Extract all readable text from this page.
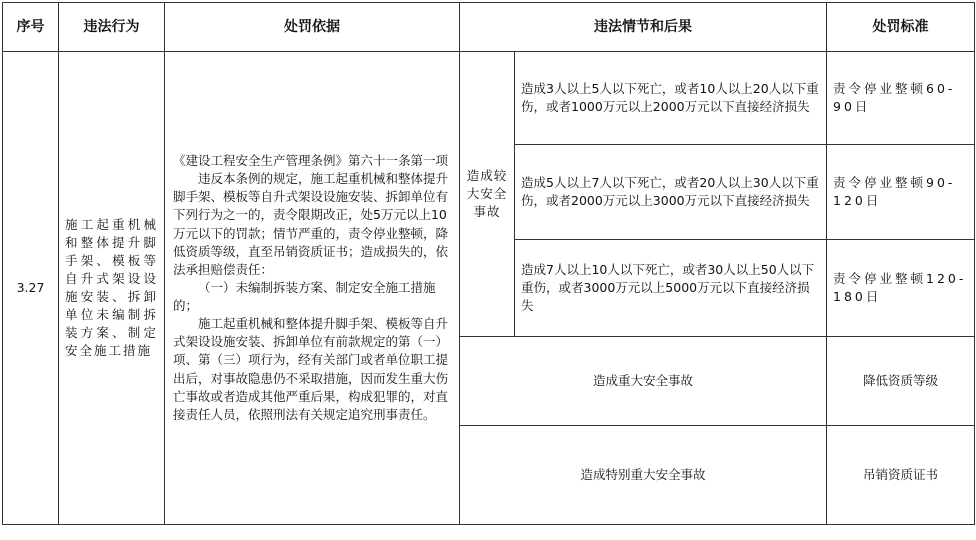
序号	违法行为	处罚依据	违法情节和后果		处罚标准
3.27	施工起重机械和整体提升脚手架、模板等自升式架设设施安装、拆卸单位未编制拆装方案、制定安全施工措施	《建设工程安全生产管理条例》第六十一条第一项

违反本条例的规定，施工起重机械和整体提升脚手架、模板等自升式架设设施安装、拆卸单位有下列行为之一的，责令限期改正，处5万元以上10万元以下的罚款；情节严重的，责令停业整顿，降低资质等级，直至吊销资质证书；造成损失的，依法承担赔偿责任：

（一）未编制拆装方案、制定安全施工措施的；

施工起重机械和整体提升脚手架、模板等自升式架设设施安装、拆卸单位有前款规定的第（一）项、第（三）项行为，经有关部门或者单位职工提出后，对事故隐患仍不采取措施，因而发生重大伤亡事故或者造成其他严重后果，构成犯罪的，对直接责任人员，依照刑法有关规定追究刑事责任。	造成较大安全事故	造成3人以上5人以下死亡，或者10人以上20人以下重伤，或者1000万元以上2000万元以下直接经济损失	责令停业整顿60-90日
				造成5人以上7人以下死亡，或者20人以上30人以下重伤，或者2000万元以上3000万元以下直接经济损失	责令停业整顿90-120日
				造成7人以上10人以下死亡，或者30人以上50人以下重伤，或者3000万元以上5000万元以下直接经济损失	责令停业整顿120-180日
			造成重大安全事故		降低资质等级
			造成特别重大安全事故		吊销资质证书
